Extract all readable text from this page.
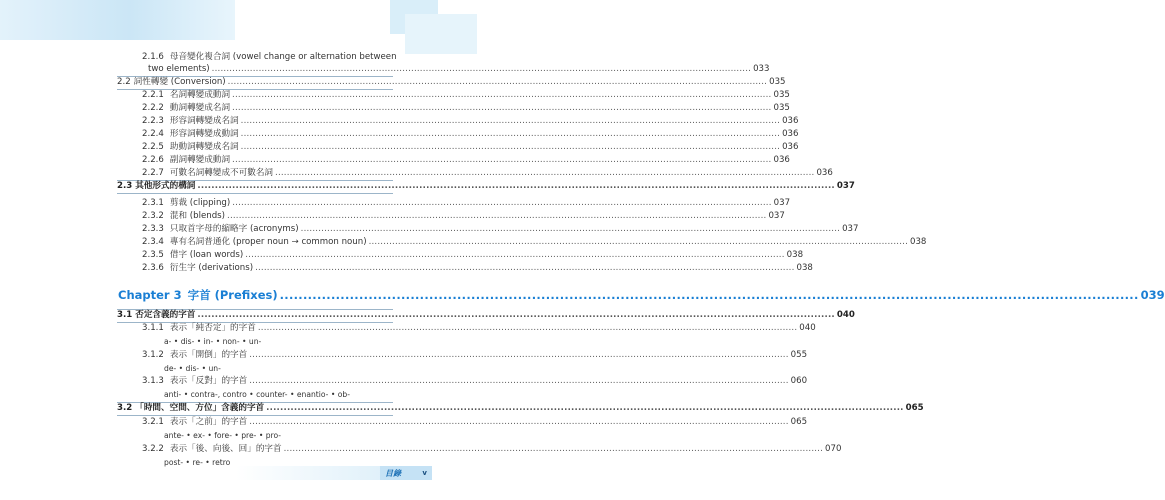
2.1.6 母音變化複合詞 (vowel change or alternation between
two elements) ........................................................................................................................................................................................ 033
2.2 詞性轉變 (Conversion) ........................................................................................................................................................................................ 035
2.2.1 名詞轉變成動詞 ........................................................................................................................................................................................ 035
2.2.2 動詞轉變成名詞 ........................................................................................................................................................................................ 035
2.2.3 形容詞轉變成名詞 ........................................................................................................................................................................................ 036
2.2.4 形容詞轉變成動詞 ........................................................................................................................................................................................ 036
2.2.5 助動詞轉變成名詞 ........................................................................................................................................................................................ 036
2.2.6 副詞轉變成動詞 ........................................................................................................................................................................................ 036
2.2.7 可數名詞轉變成不可數名詞 ........................................................................................................................................................................................ 036
2.3 其他形式的構詞 ........................................................................................................................................................................................ 037
2.3.1 剪裁 (clipping) ........................................................................................................................................................................................ 037
2.3.2 混和 (blends) ........................................................................................................................................................................................ 037
2.3.3 只取首字母的縮略字 (acronyms) ........................................................................................................................................................................................ 037
2.3.4 專有名詞普通化 (proper noun → common noun) ........................................................................................................................................................................................ 038
2.3.5 借字 (loan words) ........................................................................................................................................................................................ 038
2.3.6 衍生字 (derivations) ........................................................................................................................................................................................ 038
Chapter 3 字首 (Prefixes) ........................................................................................................................................................................................ 039
3.1 否定含義的字首 ........................................................................................................................................................................................ 040
3.1.1 表示「純否定」的字首 ........................................................................................................................................................................................ 040
a- • dis- • in- • non- • un-
3.1.2 表示「開倒」的字首 ........................................................................................................................................................................................ 055
de- • dis- • un-
3.1.3 表示「反對」的字首 ........................................................................................................................................................................................ 060
anti- • contra-, contro • counter- • enantio- • ob-
3.2 「時間、空間、方位」含義的字首 ........................................................................................................................................................................................ 065
3.2.1 表示「之前」的字首 ........................................................................................................................................................................................ 065
ante- • ex- • fore- • pre- • pro-
3.2.2 表示「後、向後、回」的字首 ........................................................................................................................................................................................ 070
post- • re- • retro
目錄	v
